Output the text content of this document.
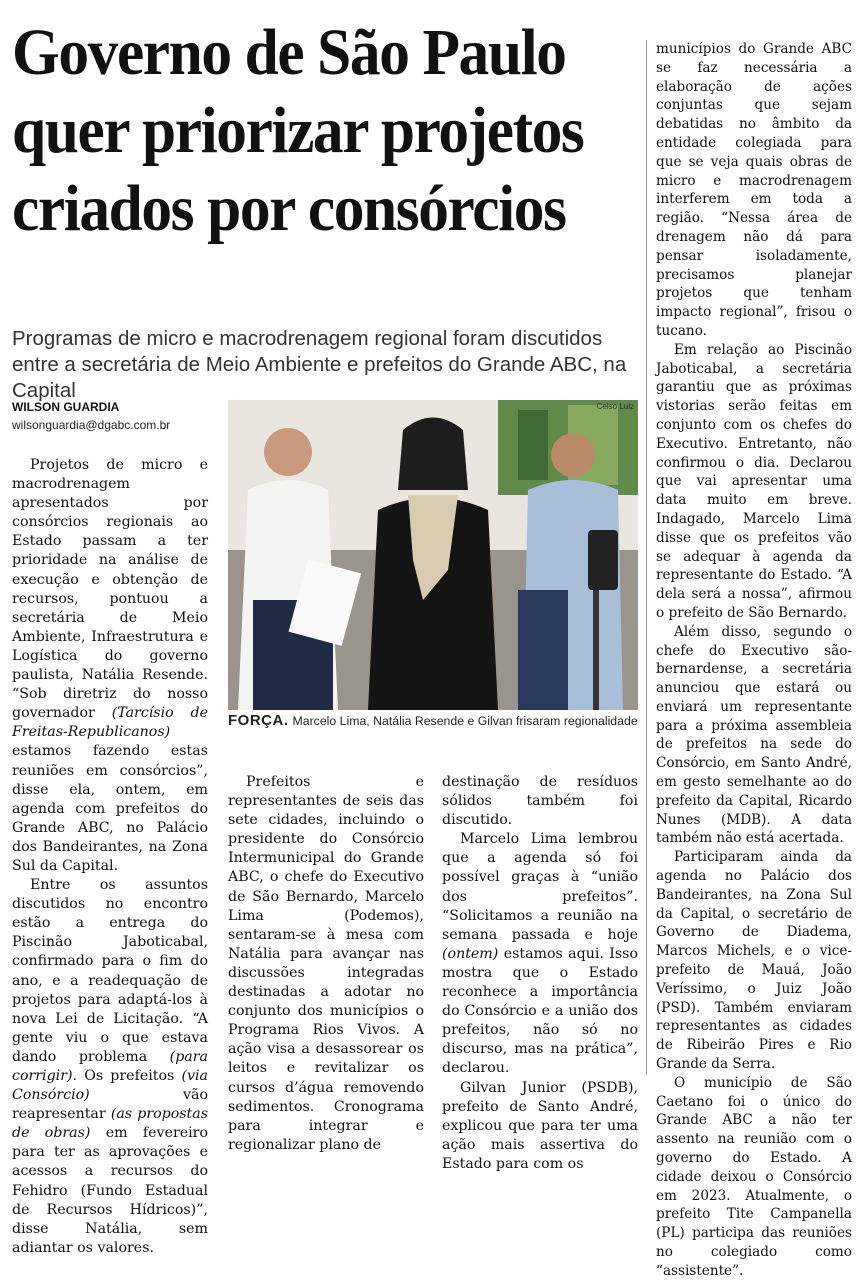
Governo de São Paulo quer priorizar projetos criados por consórcios

Programas de micro e macrodrenagem regional foram discutidos entre a secretária de Meio Ambiente e prefeitos do Grande ABC, na Capital

WILSON GUARDIA
wilsonguardia@dgabc.com.br
Celso Luiz
FORÇA. Marcelo Lima, Natália Resende e Gilvan frisaram regionalidade

Projetos de micro e macrodrenagem apresentados por consórcios regionais ao Estado passam a ter prioridade na análise de execução e obtenção de recursos, pontuou a secretária de Meio Ambiente, Infraestrutura e Logística do governo paulista, Natália Resende. “Sob diretriz do nosso governador (Tarcísio de Freitas-Republicanos) estamos fazendo estas reuniões em consórcios”, disse ela, ontem, em agenda com prefeitos do Grande ABC, no Palácio dos Bandeirantes, na Zona Sul da Capital.

Entre os assuntos discutidos no encontro estão a entrega do Piscinão Jaboticabal, confirmado para o fim do ano, e a readequação de projetos para adaptá-los à nova Lei de Licitação. “A gente viu o que estava dando problema (para corrigir). Os prefeitos (via Consórcio) vão reapresentar (as propostas de obras) em fevereiro para ter as aprovações e acessos a recursos do Fehidro (Fundo Estadual de Recursos Hídricos)”, disse Natália, sem adiantar os valores.

Prefeitos e representantes de seis das sete cidades, incluindo o presidente do Consórcio Intermunicipal do Grande ABC, o chefe do Executivo de São Bernardo, Marcelo Lima (Podemos), sentaram-se à mesa com Natália para avançar nas discussões integradas destinadas a adotar no conjunto dos municípios o Programa Rios Vivos. A ação visa a desassorear os leitos e revitalizar os cursos d’água removendo sedimentos. Cronograma para integrar e regionalizar plano de

destinação de resíduos sólidos também foi discutido.

Marcelo Lima lembrou que a agenda só foi possível graças à “união dos prefeitos”. “Solicitamos a reunião na semana passada e hoje (ontem) estamos aqui. Isso mostra que o Estado reconhece a importância do Consórcio e a união dos prefeitos, não só no discurso, mas na prática”, declarou.

Gilvan Junior (PSDB), prefeito de Santo André, explicou que para ter uma ação mais assertiva do Estado para com os

municípios do Grande ABC se faz necessária a elaboração de ações conjuntas que sejam debatidas no âmbito da entidade colegiada para que se veja quais obras de micro e macrodrenagem interferem em toda a região. “Nessa área de drenagem não dá para pensar isoladamente, precisamos planejar projetos que tenham impacto regional”, frisou o tucano.

Em relação ao Piscinão Jaboticabal, a secretária garantiu que as próximas vistorias serão feitas em conjunto com os chefes do Executivo. Entretanto, não confirmou o dia. Declarou que vai apresentar uma data muito em breve. Indagado, Marcelo Lima disse que os prefeitos vão se adequar à agenda da representante do Estado. “A dela será a nossa”, afirmou o prefeito de São Bernardo.

Além disso, segundo o chefe do Executivo são-bernardense, a secretária anunciou que estará ou enviará um representante para a próxima assembleia de prefeitos na sede do Consórcio, em Santo André, em gesto semelhante ao do prefeito da Capital, Ricardo Nunes (MDB). A data também não está acertada.

Participaram ainda da agenda no Palácio dos Bandeirantes, na Zona Sul da Capital, o secretário de Governo de Diadema, Marcos Michels, e o vice-prefeito de Mauá, João Veríssimo, o Juiz João (PSD). Também enviaram representantes as cidades de Ribeirão Pires e Rio Grande da Serra.

O município de São Caetano foi o único do Grande ABC a não ter assento na reunião com o governo do Estado. A cidade deixou o Consórcio em 2023. Atualmente, o prefeito Tite Campanella (PL) participa das reuniões no colegiado como “assistente”.
